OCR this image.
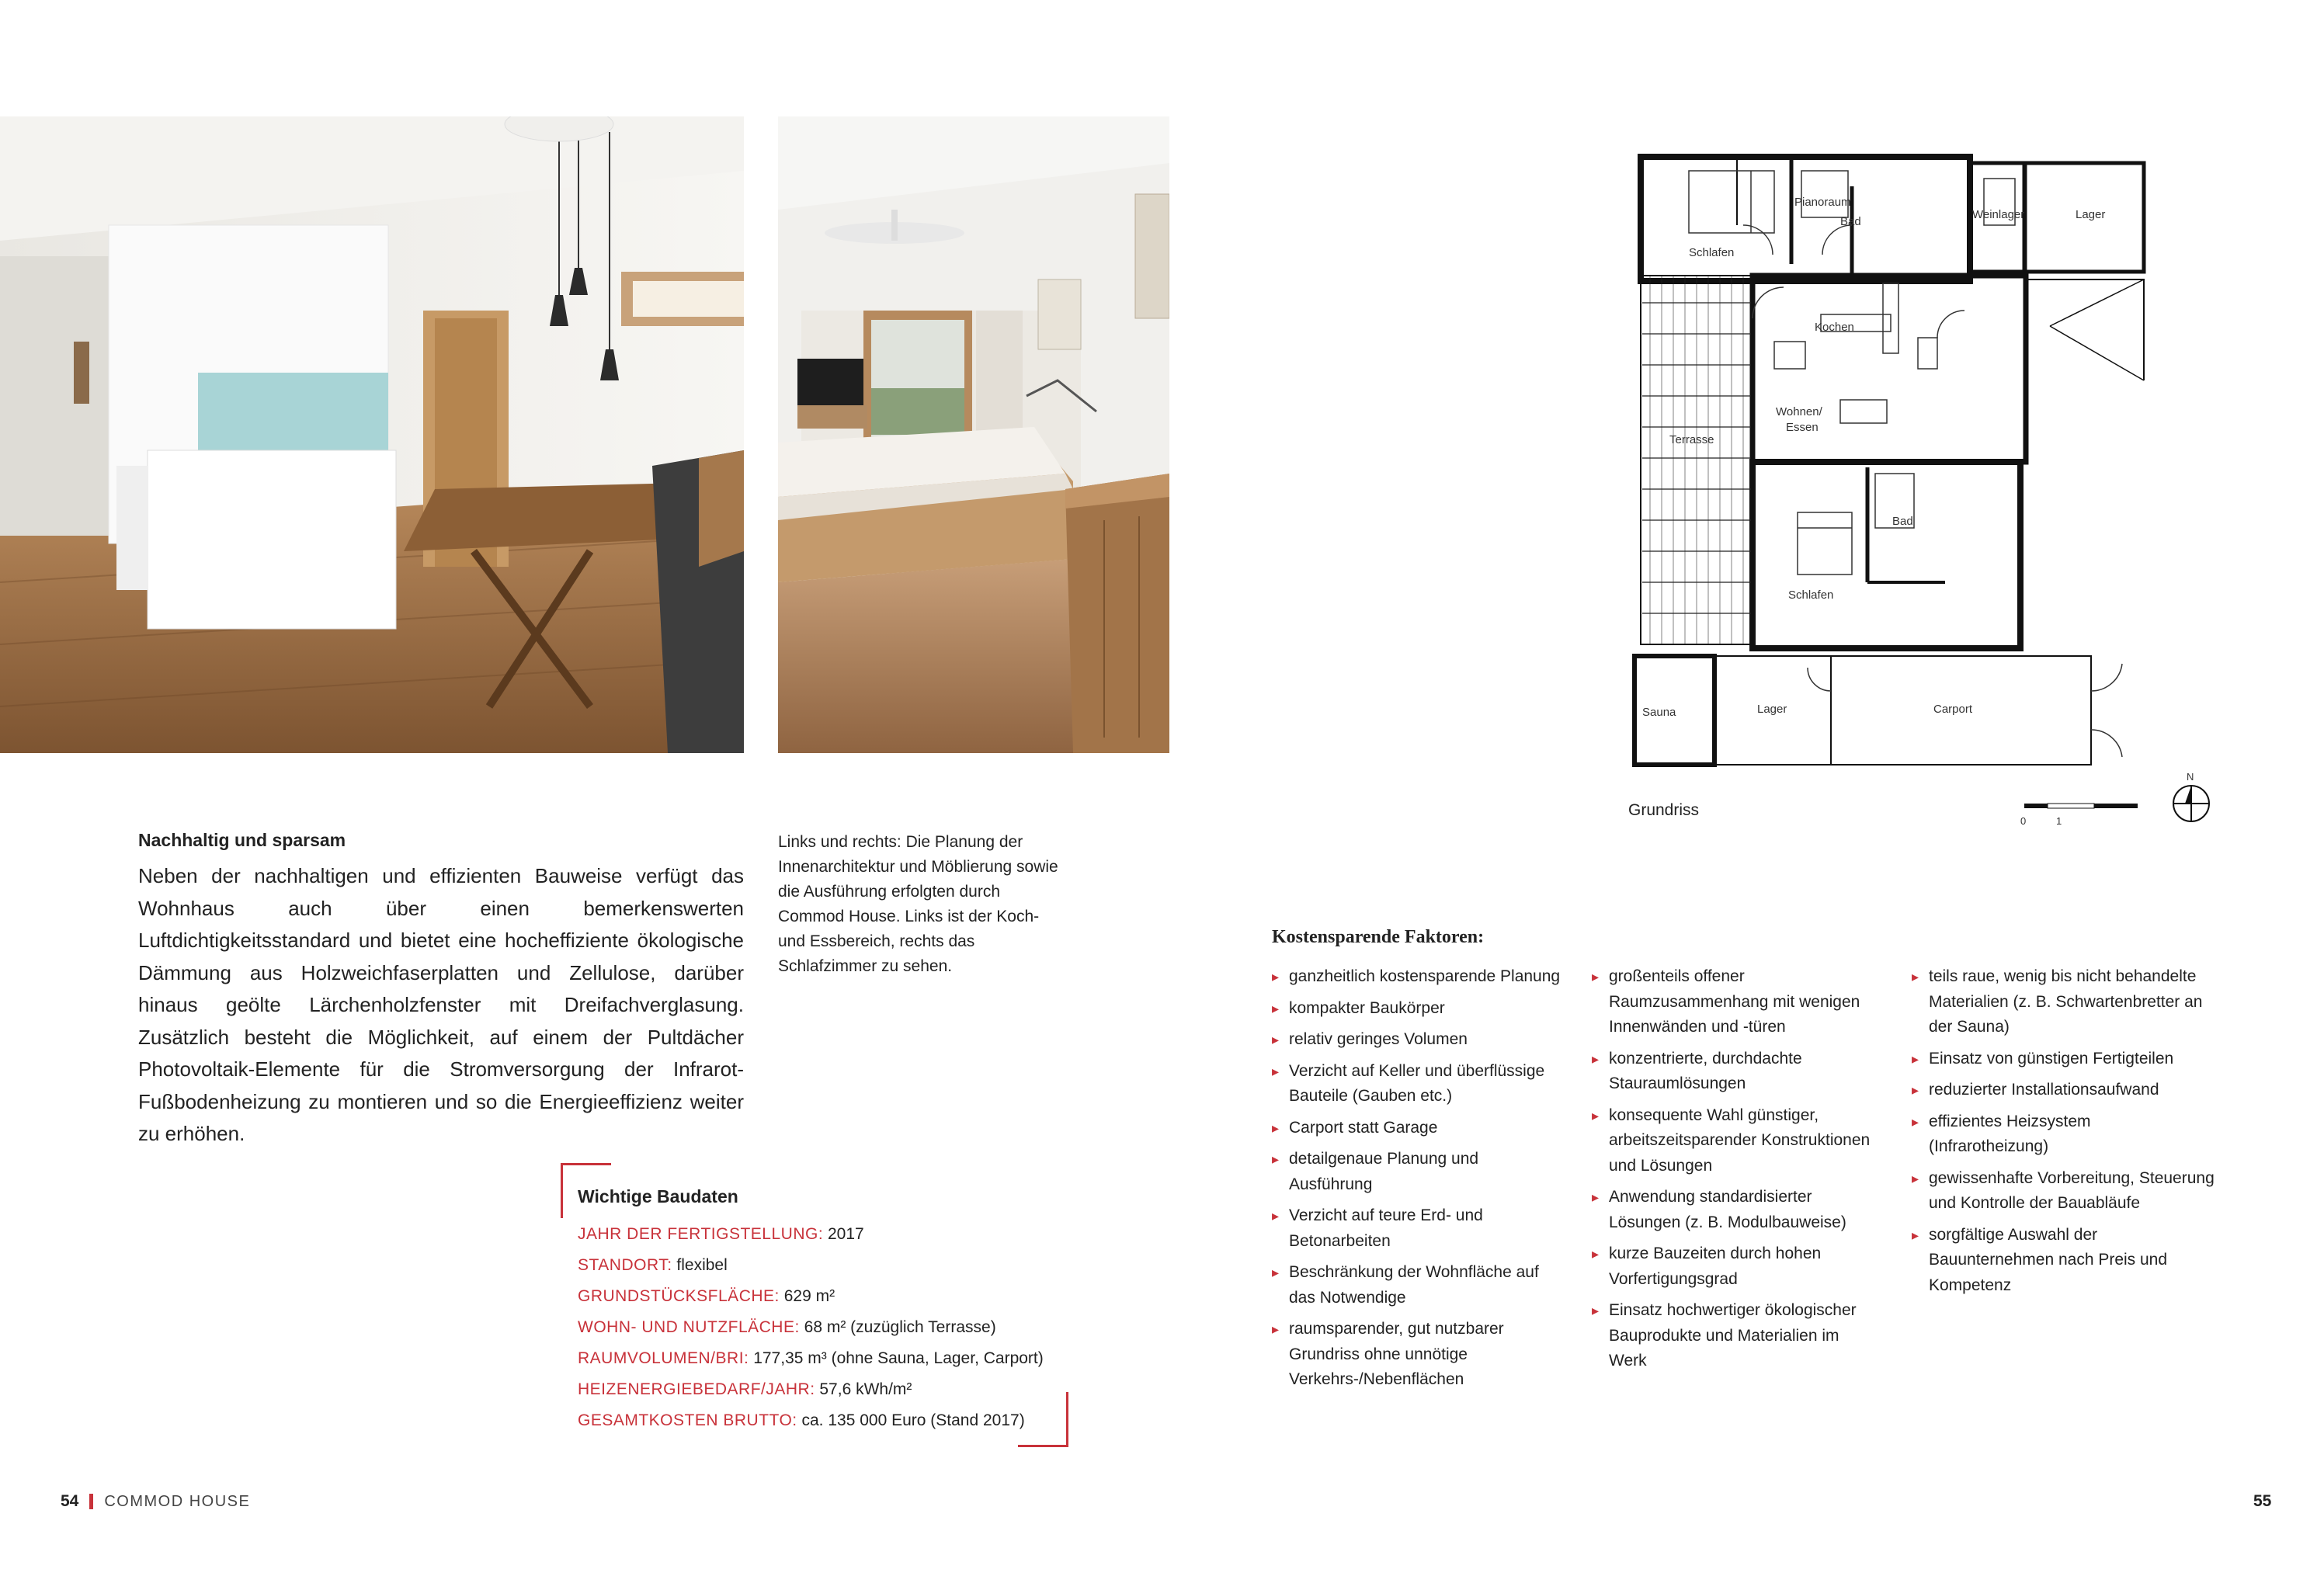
Nachhaltig und sparsam
Neben der nachhaltigen und effizienten Bauweise verfügt das Wohnhaus auch über einen bemerkenswerten Luftdichtigkeitsstandard und bietet eine hocheffiziente ökologische Dämmung aus Holzweichfaserplatten und Zellulose, darüber hinaus geölte Lärchenholzfenster mit Dreifachverglasung. Zusätzlich besteht die Möglichkeit, auf einem der Pultdächer Photovoltaik-Elemente für die Stromversorgung der Infrarot-Fußbodenheizung zu montieren und so die Energieeffizienz weiter zu erhöhen.
Links und rechts: Die Planung der Innenarchitektur und Möblierung sowie die Ausführung erfolgten durch Commod House. Links ist der Koch- und Essbereich, rechts das Schlafzimmer zu sehen.
Wichtige Baudaten
JAHR DER FERTIGSTELLUNG: 2017
STANDORT: flexibel
GRUNDSTÜCKSFLÄCHE: 629 m²
WOHN- UND NUTZFLÄCHE: 68 m² (zuzüglich Terrasse)
RAUMVOLUMEN/BRI: 177,35 m³ (ohne Sauna, Lager, Carport)
HEIZENERGIEBEDARF/JAHR: 57,6 kWh/m²
GESAMTKOSTEN BRUTTO: ca. 135 000 Euro (Stand 2017)
54 COMMOD HOUSE
Schlafen
Pianoraum
Bad
Weinlager	Lager
Kochen
Wohnen/
Essen
Terrasse
Bad
Schlafen
Sauna	Lager	Carport
0	1
N
Grundriss
Kostensparende Faktoren:
▸ ganzheitlich kostensparende Planung
▸ kompakter Baukörper
▸ relativ geringes Volumen
▸ Verzicht auf Keller und überflüssige Bauteile (Gauben etc.)
▸ Carport statt Garage
▸ detailgenaue Planung und Ausführung
▸ Verzicht auf teure Erd- und Betonarbeiten
▸ Beschränkung der Wohnfläche auf das Notwendige
▸ raumsparender, gut nutzbarer Grundriss ohne unnötige Verkehrs-/Nebenflächen
▸ großenteils offener Raumzusammenhang mit wenigen Innenwänden und -türen
▸ konzentrierte, durchdachte Stauraumlösungen
▸ konsequente Wahl günstiger, arbeitszeitsparender Konstruktionen und Lösungen
▸ Anwendung standardisierter Lösungen (z. B. Modulbauweise)
▸ kurze Bauzeiten durch hohen Vorfertigungsgrad
▸ Einsatz hochwertiger ökologischer Bauprodukte und Materialien im Werk
▸ teils raue, wenig bis nicht behandelte Materialien (z. B. Schwartenbretter an der Sauna)
▸ Einsatz von günstigen Fertigteilen
▸ reduzierter Installationsaufwand
▸ effizientes Heizsystem (Infrarotheizung)
▸ gewissenhafte Vorbereitung, Steuerung und Kontrolle der Bauabläufe
▸ sorgfältige Auswahl der Bauunternehmen nach Preis und Kompetenz
55
